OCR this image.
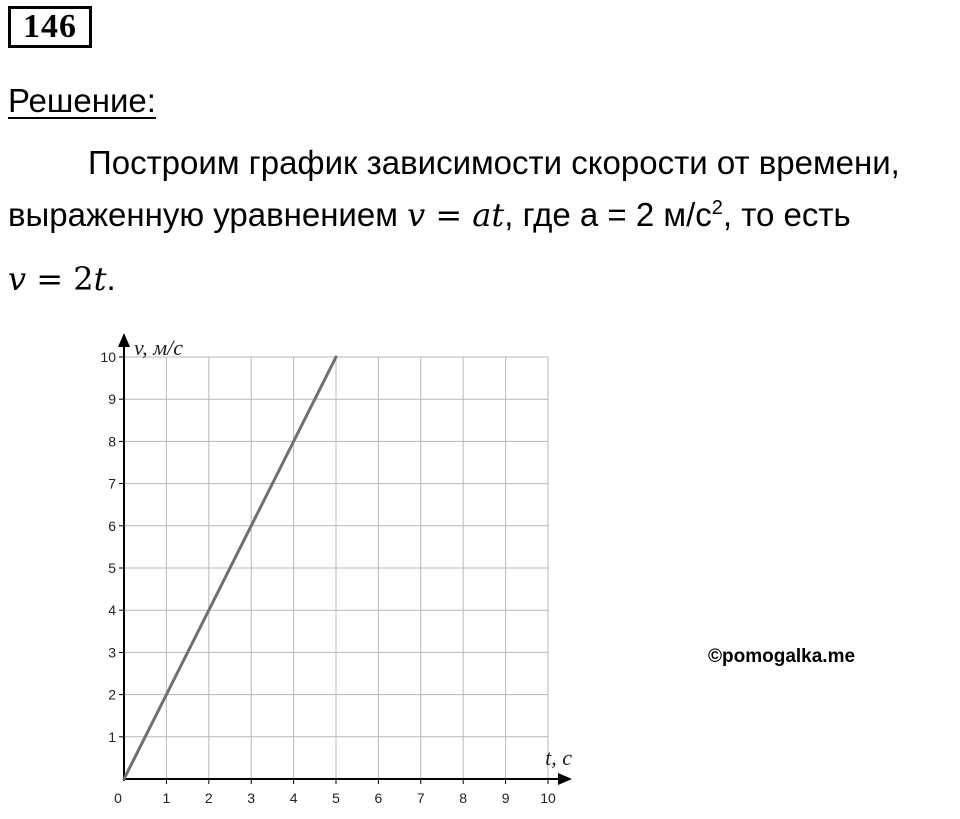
146
Решение:
Построим график зависимости скорости от времени,
выраженную уравнением v = at, где а = 2 $м/с^2$, то есть
v = 2t.
1
2
3
4
5
6
7
8
9
10
0	1 2 3 4 5 6 7 8 9 10
v, м/с
t, с
©pomogalka.me
